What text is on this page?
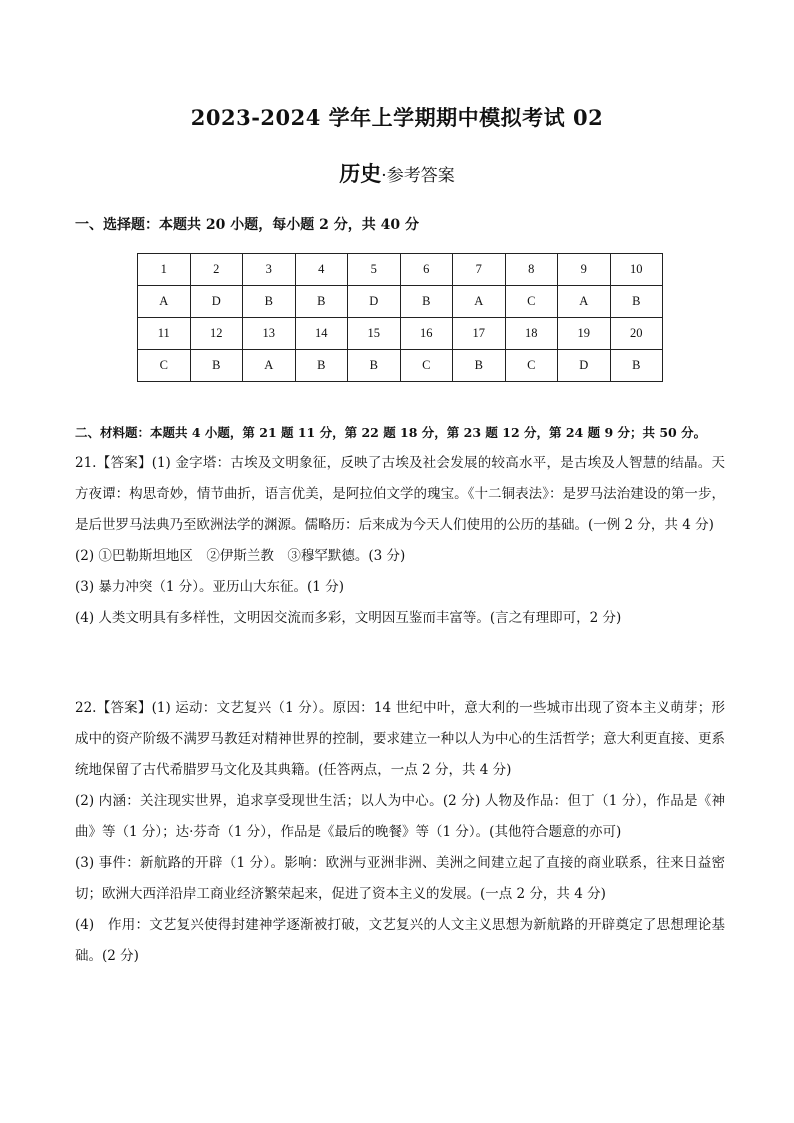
2023-2024 学年上学期期中模拟考试 02
历史·参考答案
一、选择题：本题共 20 小题，每小题 2 分，共 40 分
1	2	3	4	5	6	7	8	9	10
A	D	B	B	D	B	A	C	A	B
11	12	13	14	15	16	17	18	19	20
C	B	A	B	B	C	B	C	D	B
二、材料题：本题共 4 小题，第 21 题 11 分，第 22 题 18 分，第 23 题 12 分，第 24 题 9 分；共 50 分。

21.【答案】(1) 金字塔：古埃及文明象征，反映了古埃及社会发展的较高水平，是古埃及人智慧的结晶。天方夜谭：构思奇妙，情节曲折，语言优美，是阿拉伯文学的瑰宝。《十二铜表法》：是罗马法治建设的第一步，是后世罗马法典乃至欧洲法学的渊源。儒略历：后来成为今天人们使用的公历的基础。(一例 2 分，共 4 分)

(2) ①巴勒斯坦地区　②伊斯兰教　③穆罕默德。(3 分)

(3) 暴力冲突（1 分）。亚历山大东征。(1 分)

(4) 人类文明具有多样性，文明因交流而多彩，文明因互鉴而丰富等。(言之有理即可，2 分)

22.【答案】(1) 运动：文艺复兴（1 分）。原因：14 世纪中叶，意大利的一些城市出现了资本主义萌芽；形成中的资产阶级不满罗马教廷对精神世界的控制，要求建立一种以人为中心的生活哲学；意大利更直接、更系统地保留了古代希腊罗马文化及其典籍。(任答两点，一点 2 分，共 4 分)

(2) 内涵：关注现实世界，追求享受现世生活；以人为中心。(2 分) 人物及作品：但丁（1 分），作品是《神曲》等（1 分）；达·芬奇（1 分），作品是《最后的晚餐》等（1 分）。(其他符合题意的亦可)

(3) 事件：新航路的开辟（1 分）。影响：欧洲与亚洲非洲、美洲之间建立起了直接的商业联系，往来日益密切；欧洲大西洋沿岸工商业经济繁荣起来，促进了资本主义的发展。(一点 2 分，共 4 分)

(4)　作用：文艺复兴使得封建神学逐渐被打破，文艺复兴的人文主义思想为新航路的开辟奠定了思想理论基础。(2 分)
